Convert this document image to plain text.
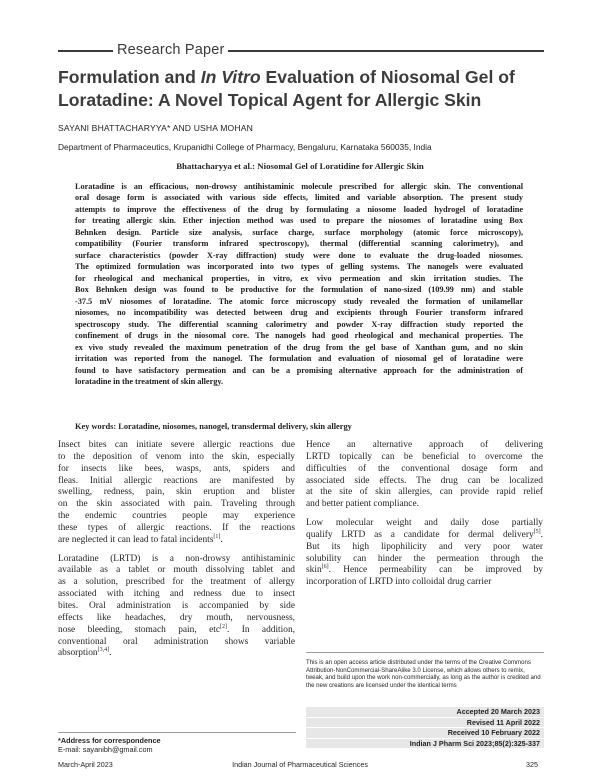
Research Paper
Formulation and In Vitro Evaluation of Niosomal Gel of
Loratadine: A Novel Topical Agent for Allergic Skin
SAYANI BHATTACHARYYA* AND USHA MOHAN
Department of Pharmaceutics, Krupanidhi College of Pharmacy, Bengaluru, Karnataka 560035, India
Bhattacharyya et al.: Niosomal Gel of Loratidine for Allergic Skin
Loratadine is an efficacious, non-drowsy antihistaminic molecule prescribed for allergic skin. The conventional
oral dosage form is associated with various side effects, limited and variable absorption. The present study
attempts to improve the effectiveness of the drug by formulating a niosome loaded hydrogel of loratadine
for treating allergic skin. Ether injection method was used to prepare the niosomes of loratadine using Box
Behnken design. Particle size analysis, surface charge, surface morphology (atomic force microscopy),
compatibility (Fourier transform infrared spectroscopy), thermal (differential scanning calorimetry), and
surface characteristics (powder X-ray diffraction) study were done to evaluate the drug-loaded niosomes.
The optimized formulation was incorporated into two types of gelling systems. The nanogels were evaluated
for rheological and mechanical properties, in vitro, ex vivo permeation and skin irritation studies. The
Box Behnken design was found to be productive for the formulation of nano-sized (109.99 nm) and stable
-37.5 mV niosomes of loratadine. The atomic force microscopy study revealed the formation of unilamellar
niosomes, no incompatibility was detected between drug and excipients through Fourier transform infrared
spectroscopy study. The differential scanning calorimetry and powder X-ray diffraction study reported the
confinement of drugs in the niosomal core. The nanogels had good rheological and mechanical properties. The
ex vivo study revealed the maximum penetration of the drug from the gel base of Xanthan gum, and no skin
irritation was reported from the nanogel. The formulation and evaluation of niosomal gel of loratadine were
found to have satisfactory permeation and can be a promising alternative approach for the administration of
loratadine in the treatment of skin allergy.
Key words: Loratadine, niosomes, nanogel, transdermal delivery, skin allergy
Insect bites can initiate severe allergic reactions due
to the deposition of venom into the skin, especially
for insects like bees, wasps, ants, spiders and
fleas. Initial allergic reactions are manifested by
swelling, redness, pain, skin eruption and blister
on the skin associated with pain. Traveling through
the endemic countries people may experience
these types of allergic reactions. If the reactions
are neglected it can lead to fatal incidents[1].
Loratadine (LRTD) is a non-drowsy antihistaminic
available as a tablet or mouth dissolving tablet and
as a solution, prescribed for the treatment of allergy
associated with itching and redness due to insect
bites. Oral administration is accompanied by side
effects like headaches, dry mouth, nervousness,
nose bleeding, stomach pain, etc[2]. In addition,
conventional oral administration shows variable
absorption[3,4].
Hence an alternative approach of delivering
LRTD topically can be beneficial to overcome the
difficulties of the conventional dosage form and
associated side effects. The drug can be localized
at the site of skin allergies, can provide rapid relief
and better patient compliance.
Low molecular weight and daily dose partially
qualify LRTD as a candidate for dermal delivery[5].
But its high lipophilicity and very poor water
solubility can hinder the permeation through the
skin[6]. Hence permeability can be improved by
incorporation of LRTD into colloidal drug carrier
This is an open access article distributed under the terms of the Creative Commons Attribution-NonCommercial-ShareAlike 3.0 License, which allows others to remix, tweak, and build upon the work non-commercially, as long as the author is credited and the new creations are licensed under the identical terms
Accepted 20 March 2023
Revised 11 April 2022
Received 10 February 2022
Indian J Pharm Sci 2023;85(2):325-337
*Address for correspondence
E-mail: sayanibh@gmail.com
March-April 2023	Indian Journal of Pharmaceutical Sciences	325
